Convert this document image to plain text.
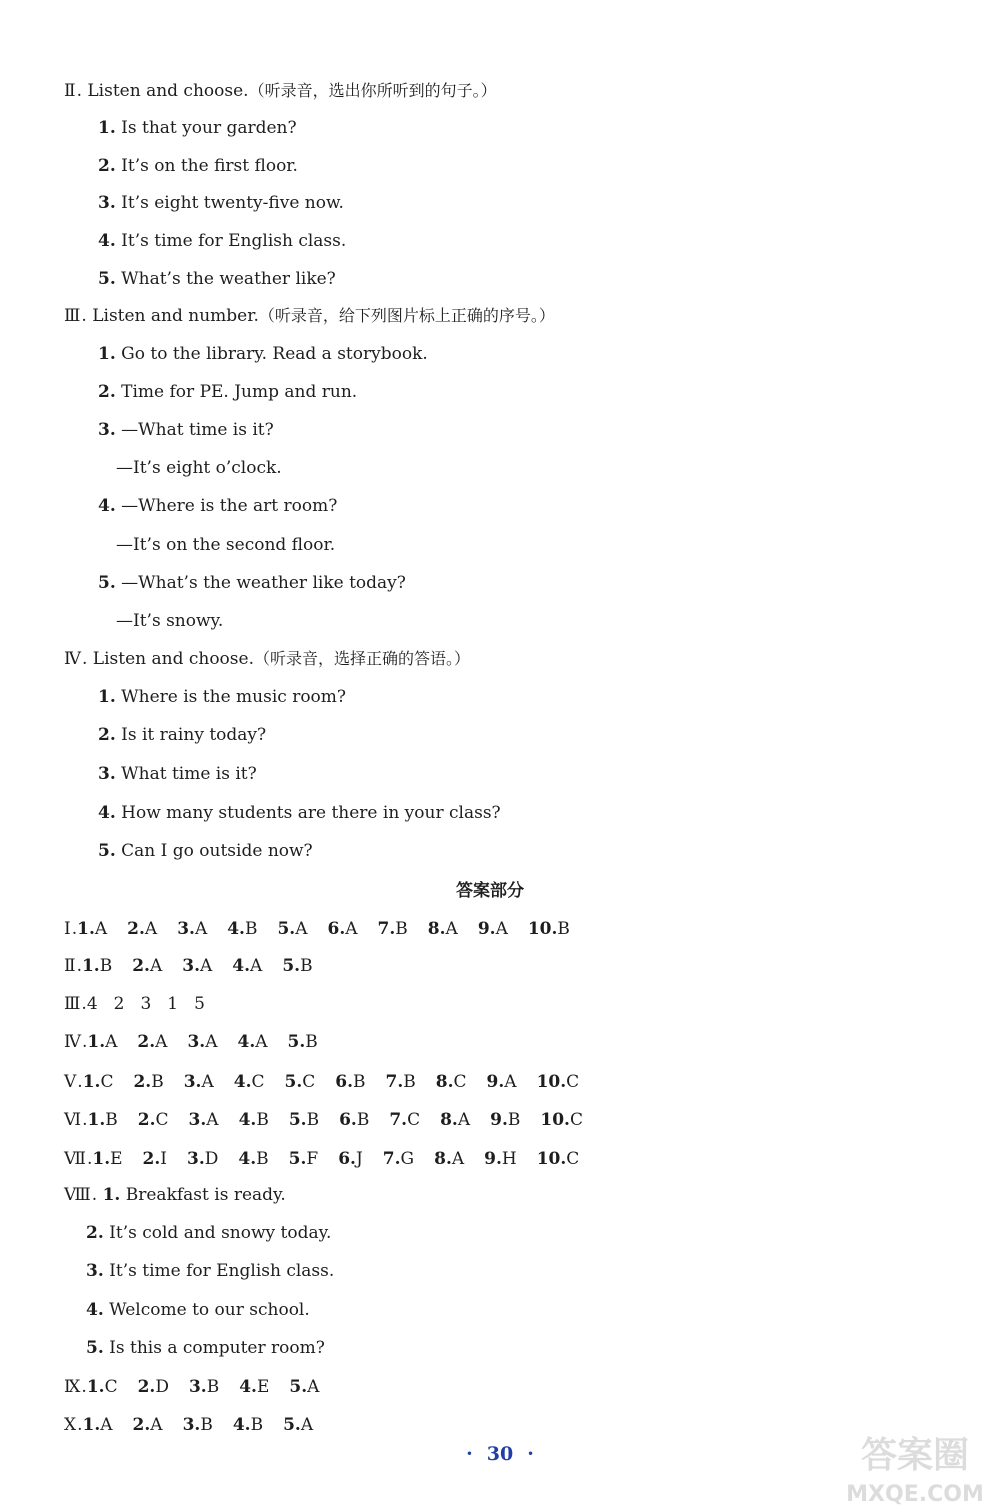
Ⅱ . Listen and choose.（听录音，选出你所听到的句子。）
1. Is that your garden?
2. It’s on the first floor.
3. It’s eight twenty-five now.
4. It’s time for English class.
5. What’s the weather like?
Ⅲ . Listen and number.（听录音，给下列图片标上正确的序号。）
1. Go to the library. Read a storybook.
2. Time for PE. Jump and run.
3. —What time is it?
—It’s eight o’clock.
4. —Where is the art room?
—It’s on the second floor.
5. —What’s the weather like today?
—It’s snowy.
Ⅳ . Listen and choose.（听录音，选择正确的答语。）
1. Where is the music room?
2. Is it rainy today?
3. What time is it?
4. How many students are there in your class?
5. Can I go outside now?
答案部分
Ⅰ .1.A 2.A 3.A 4.B 5.A 6.A 7.B 8.A 9.A 10.B
Ⅱ .1.B 2.A 3.A 4.A 5.B
Ⅲ .4 2 3 1 5
Ⅳ .1.A 2.A 3.A 4.A 5.B
Ⅴ .1.C 2.B 3.A 4.C 5.C 6.B 7.B 8.C 9.A 10.C
Ⅵ .1.B 2.C 3.A 4.B 5.B 6.B 7.C 8.A 9.B 10.C
Ⅶ .1.E 2.I 3.D 4.B 5.F 6.J 7.G 8.A 9.H 10.C
Ⅷ . 1. Breakfast is ready.
2. It’s cold and snowy today.
3. It’s time for English class.
4. Welcome to our school.
5. Is this a computer room?
Ⅸ .1.C 2.D 3.B 4.E 5.A
Ⅹ .1.A 2.A 3.B 4.B 5.A
· 30 ·	答案圈
MXQE.COM
